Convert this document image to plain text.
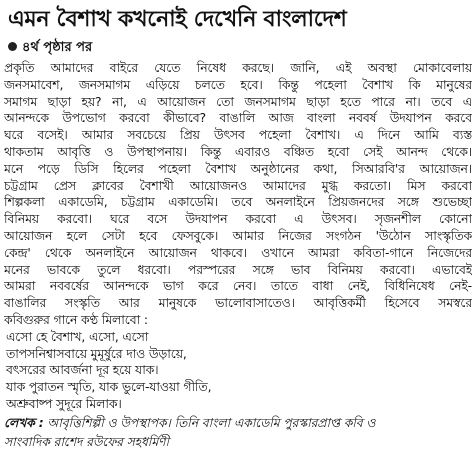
এমন বৈশাখ কখনোই দেখেনি বাংলাদেশ
৪র্থ পৃষ্ঠার পর
প্রকৃতি আমাদের বাইরে যেতে নিষেধ করছে। জানি, এই অবস্থা মোকাবেলায়
জনসমাবেশ, জনসমাগম এড়িয়ে চলতে হবে। কিন্তু পহেলা বৈশাখ কি মানুষের
সমাগম ছাড়া হয়? না, এ আয়োজন তো জনসমাগম ছাড়া হতে পারে না। তবে এ
আনন্দকে উপভোগ করবো কীভাবে? বাঙালি আজ বাংলা নববর্ষ উদযাপন করবে
ঘরে বসেই। আমার সবচেয়ে প্রিয় উৎসব পহেলা বৈশাখ। এ দিনে আমি ব্যস্ত
থাকতাম আবৃত্তি ও উপস্থাপনায়। কিন্তু এবারও বঞ্চিত হবো সেই আনন্দ থেকে।
মনে পড়ে ডিসি হিলের পহেলা বৈশাখ অনুষ্ঠানের কথা, সিআরবি'র আয়োজন।
চট্টগ্রাম প্রেস ক্লাবের বৈশাখী আয়োজনও আমাদের মুগ্ধ করতো। মিস করবো
শিল্পকলা একাডেমি, চট্টগ্রাম একাডেমি। তবে অনলাইনে প্রিয়জনদের সঙ্গে শুভেচ্ছা
বিনিময় করবো। ঘরে বসে উদযাপন করবো এ উৎসব। সৃজনশীল কোনো
আয়োজন হলে সেটা হবে ফেসবুকে। আমার নিজের সংগঠন 'উঠোন সাংস্কৃতিক
কেন্দ্র' থেকে অনলাইনে আয়োজন থাকবে। ওখানে আমরা কবিতা-গানে নিজেদের
মনের ভাবকে তুলে ধরবো। পরস্পরের সঙ্গে ভাব বিনিময় করবো। এভাবেই
আমরা নববর্ষের আনন্দকে ভাগ করে নেব। তাতে বাধা নেই, বিধিনিষেধ নেই-
বাঙালির সংস্কৃতি আর মানুষকে ভালোবাসাতেও। আবৃত্তিকর্মী হিসেবে সমস্বরে
কবিগুরুর গানে কণ্ঠ মিলাবো :
এসো হে বৈশাখ, এসো, এসো
তাপসনিশ্বাসবায়ে মুমূর্ষুরে দাও উড়ায়ে,
বৎসরের আবর্জনা দূর হয়ে যাক।
যাক পুরাতন স্মৃতি, যাক ভুলে-যাওয়া গীতি,
অশ্রুবাষ্প সুদূরে মিলাক।
লেখক : আবৃত্তিশিল্পী ও উপস্থাপক। তিনি বাংলা একাডেমি পুরস্কারপ্রাপ্ত কবি ও
সাংবাদিক রাশেদ রউফের সহধর্মিণী
